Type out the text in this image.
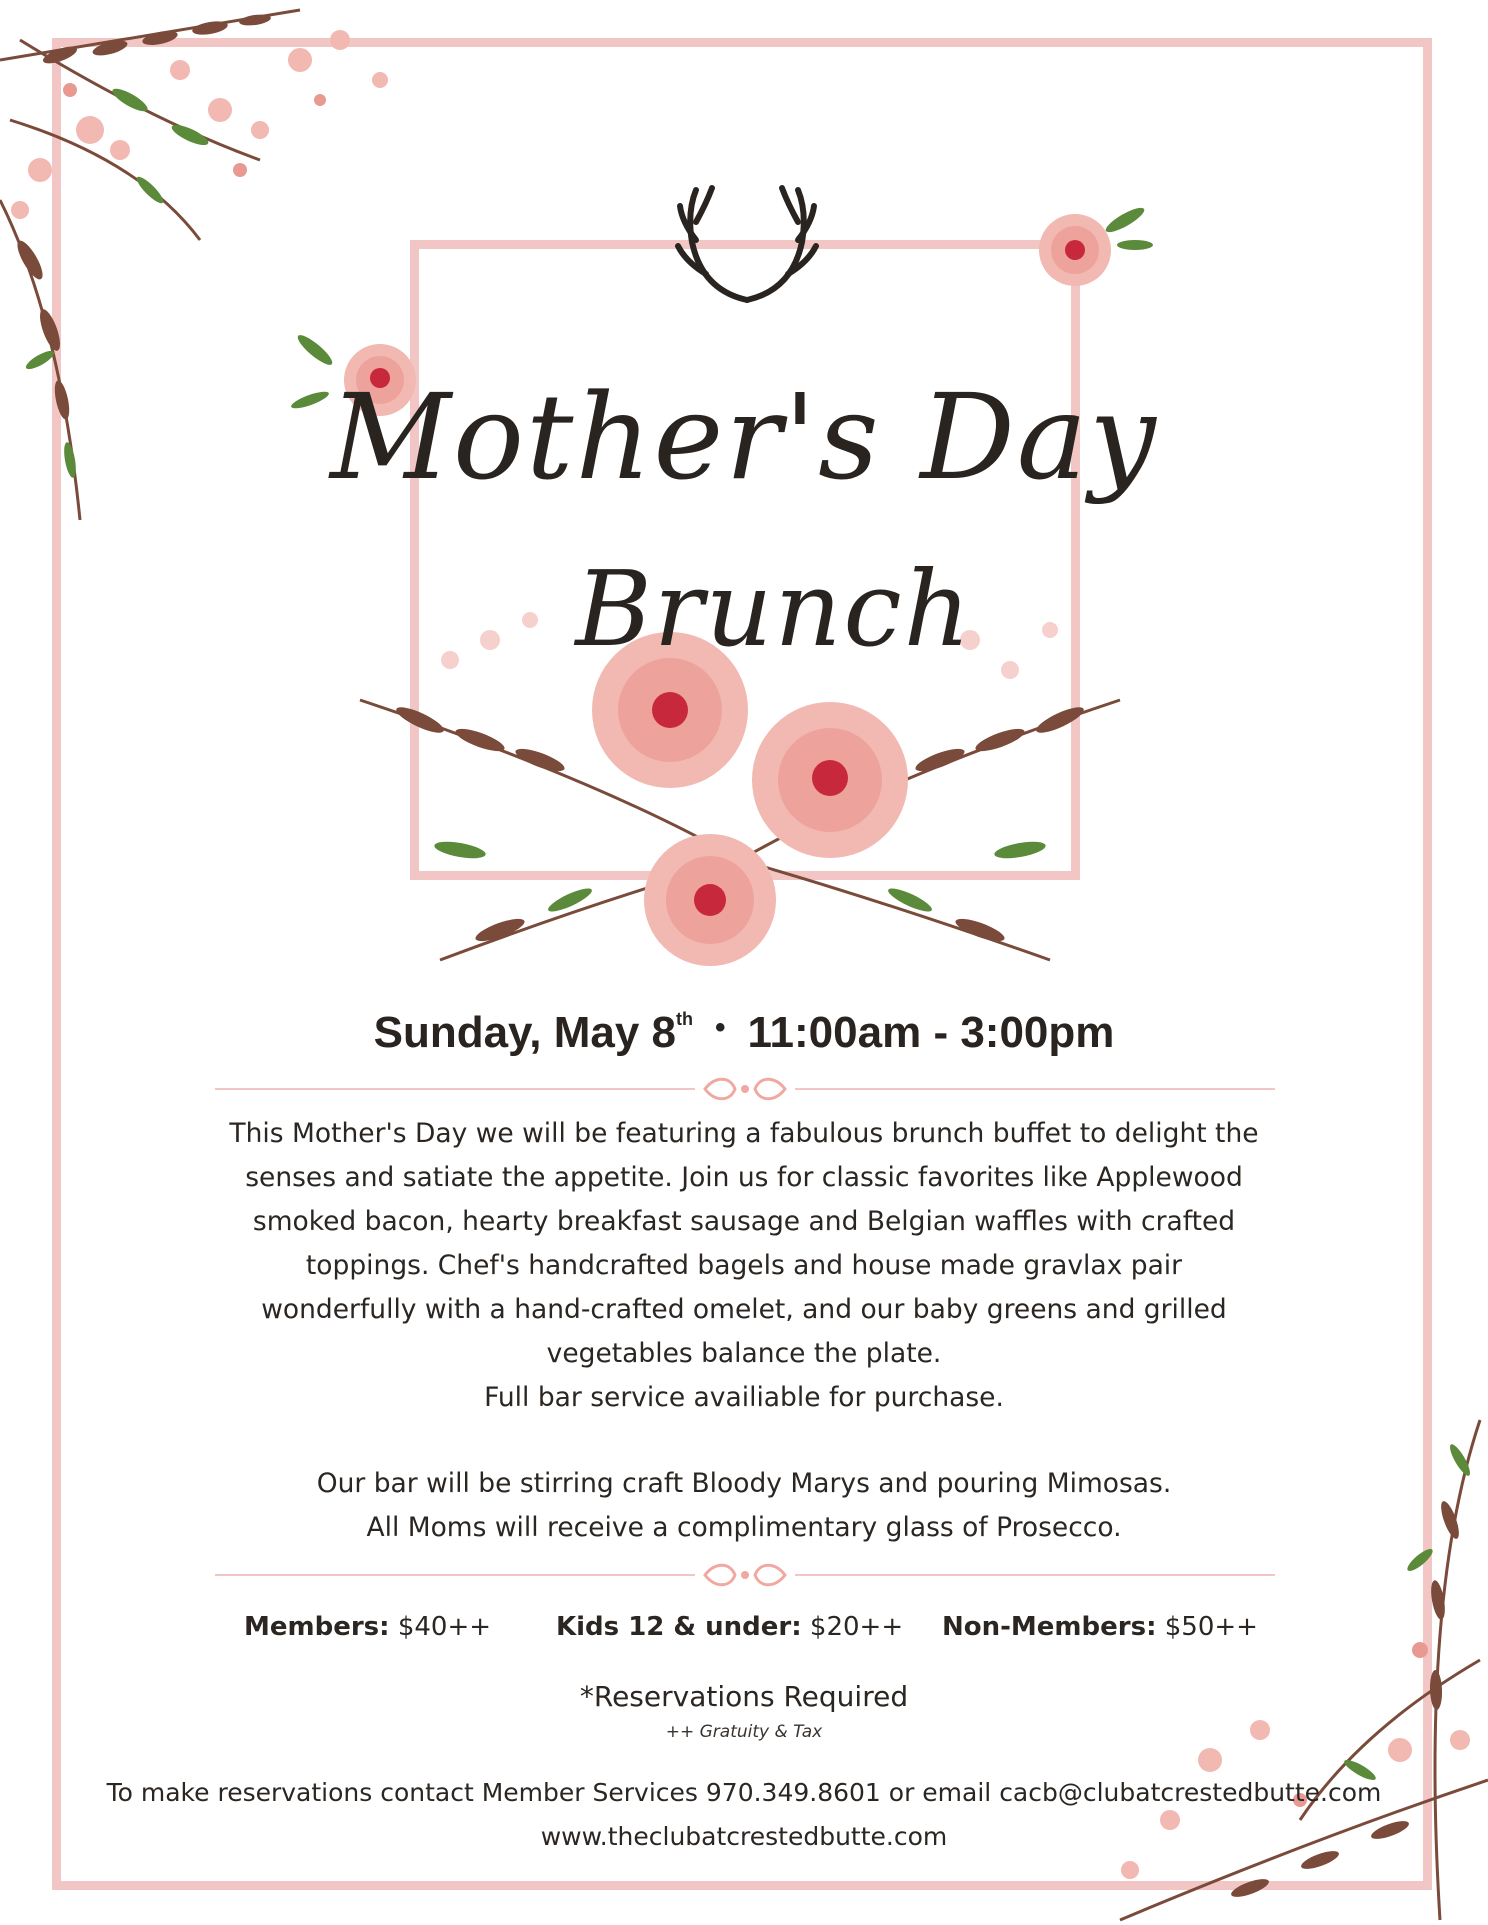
Mother's Day
Brunch
Sunday, May 8th • 11:00am - 3:00pm

This Mother's Day we will be featuring a fabulous brunch buffet to delight the

senses and satiate the appetite. Join us for classic favorites like Applewood

smoked bacon, hearty breakfast sausage and Belgian waffles with crafted

toppings. Chef's handcrafted bagels and house made gravlax pair

wonderfully with a hand-crafted omelet, and our baby greens and grilled

vegetables balance the plate.

Full bar service availiable for purchase.

Our bar will be stirring craft Bloody Marys and pouring Mimosas.

All Moms will receive a complimentary glass of Prosecco.

Members: $40++ Kids 12 & under: $20++ Non-Members: $50++
*Reservations Required
++ Gratuity & Tax
To make reservations contact Member Services 970.349.8601 or email cacb@clubatcrestedbutte.com
www.theclubatcrestedbutte.com
